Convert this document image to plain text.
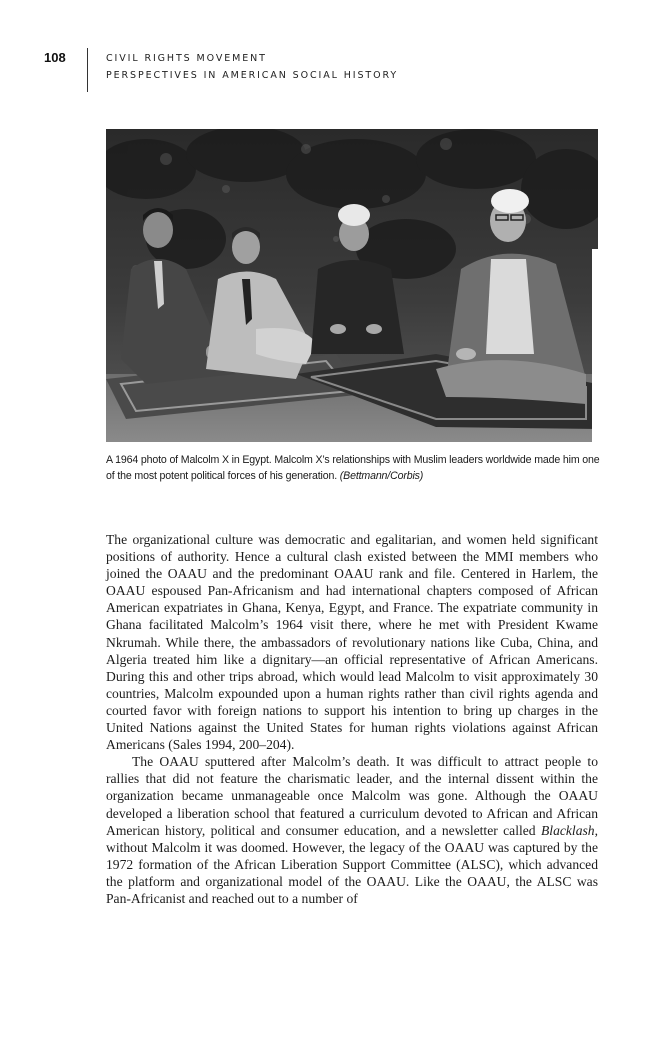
108	CIVIL RIGHTS MOVEMENT
PERSPECTIVES IN AMERICAN SOCIAL HISTORY
A 1964 photo of Malcolm X in Egypt. Malcolm X’s relationships with Muslim leaders worldwide made him one of the most potent political forces of his generation. (Bettmann/Corbis)

The organizational culture was democratic and egalitarian, and women held significant positions of authority. Hence a cultural clash existed between the MMI members who joined the OAAU and the predominant OAAU rank and file. Centered in Harlem, the OAAU espoused Pan-Africanism and had international chapters composed of African American expatriates in Ghana, Kenya, Egypt, and France. The expatriate community in Ghana facilitated Malcolm’s 1964 visit there, where he met with President Kwame Nkrumah. While there, the ambassadors of revolutionary nations like Cuba, China, and Algeria treated him like a dignitary—an official representative of African Americans. During this and other trips abroad, which would lead Malcolm to visit approximately 30 countries, Malcolm expounded upon a human rights rather than civil rights agenda and courted favor with foreign nations to support his intention to bring up charges in the United Nations against the United States for human rights violations against African Americans (Sales 1994, 200–204).

The OAAU sputtered after Malcolm’s death. It was difficult to attract people to rallies that did not feature the charismatic leader, and the internal dissent within the organization became unmanageable once Malcolm was gone. Although the OAAU developed a liberation school that featured a curriculum devoted to African and African American history, political and consumer education, and a newsletter called Blacklash, without Malcolm it was doomed. However, the legacy of the OAAU was captured by the 1972 formation of the African Liberation Support Committee (ALSC), which advanced the platform and organizational model of the OAAU. Like the OAAU, the ALSC was Pan-Africanist and reached out to a number of
